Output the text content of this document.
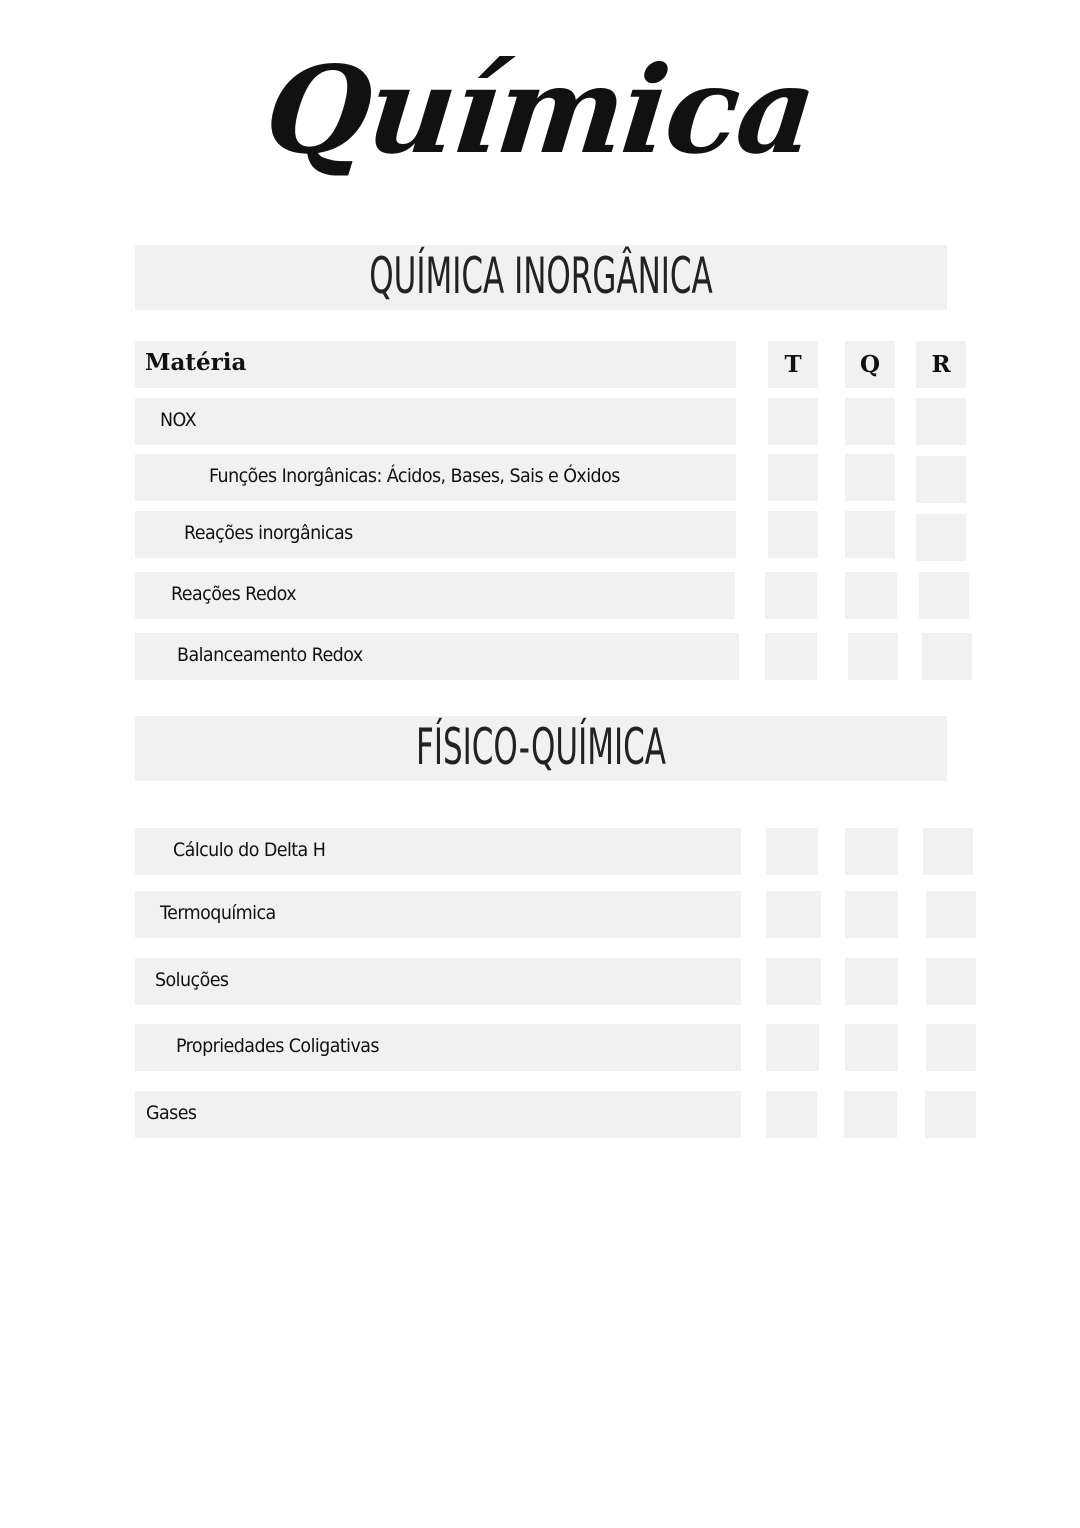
Química
QUÍMICA INORGÂNICA
Matéria	T	Q	R
NOX
Funções Inorgânicas: Ácidos, Bases, Sais e Óxidos
Reações inorgânicas
Reações Redox
Balanceamento Redox
FÍSICO-QUÍMICA
Cálculo do Delta H
Termoquímica
Soluções
Propriedades Coligativas
Gases
